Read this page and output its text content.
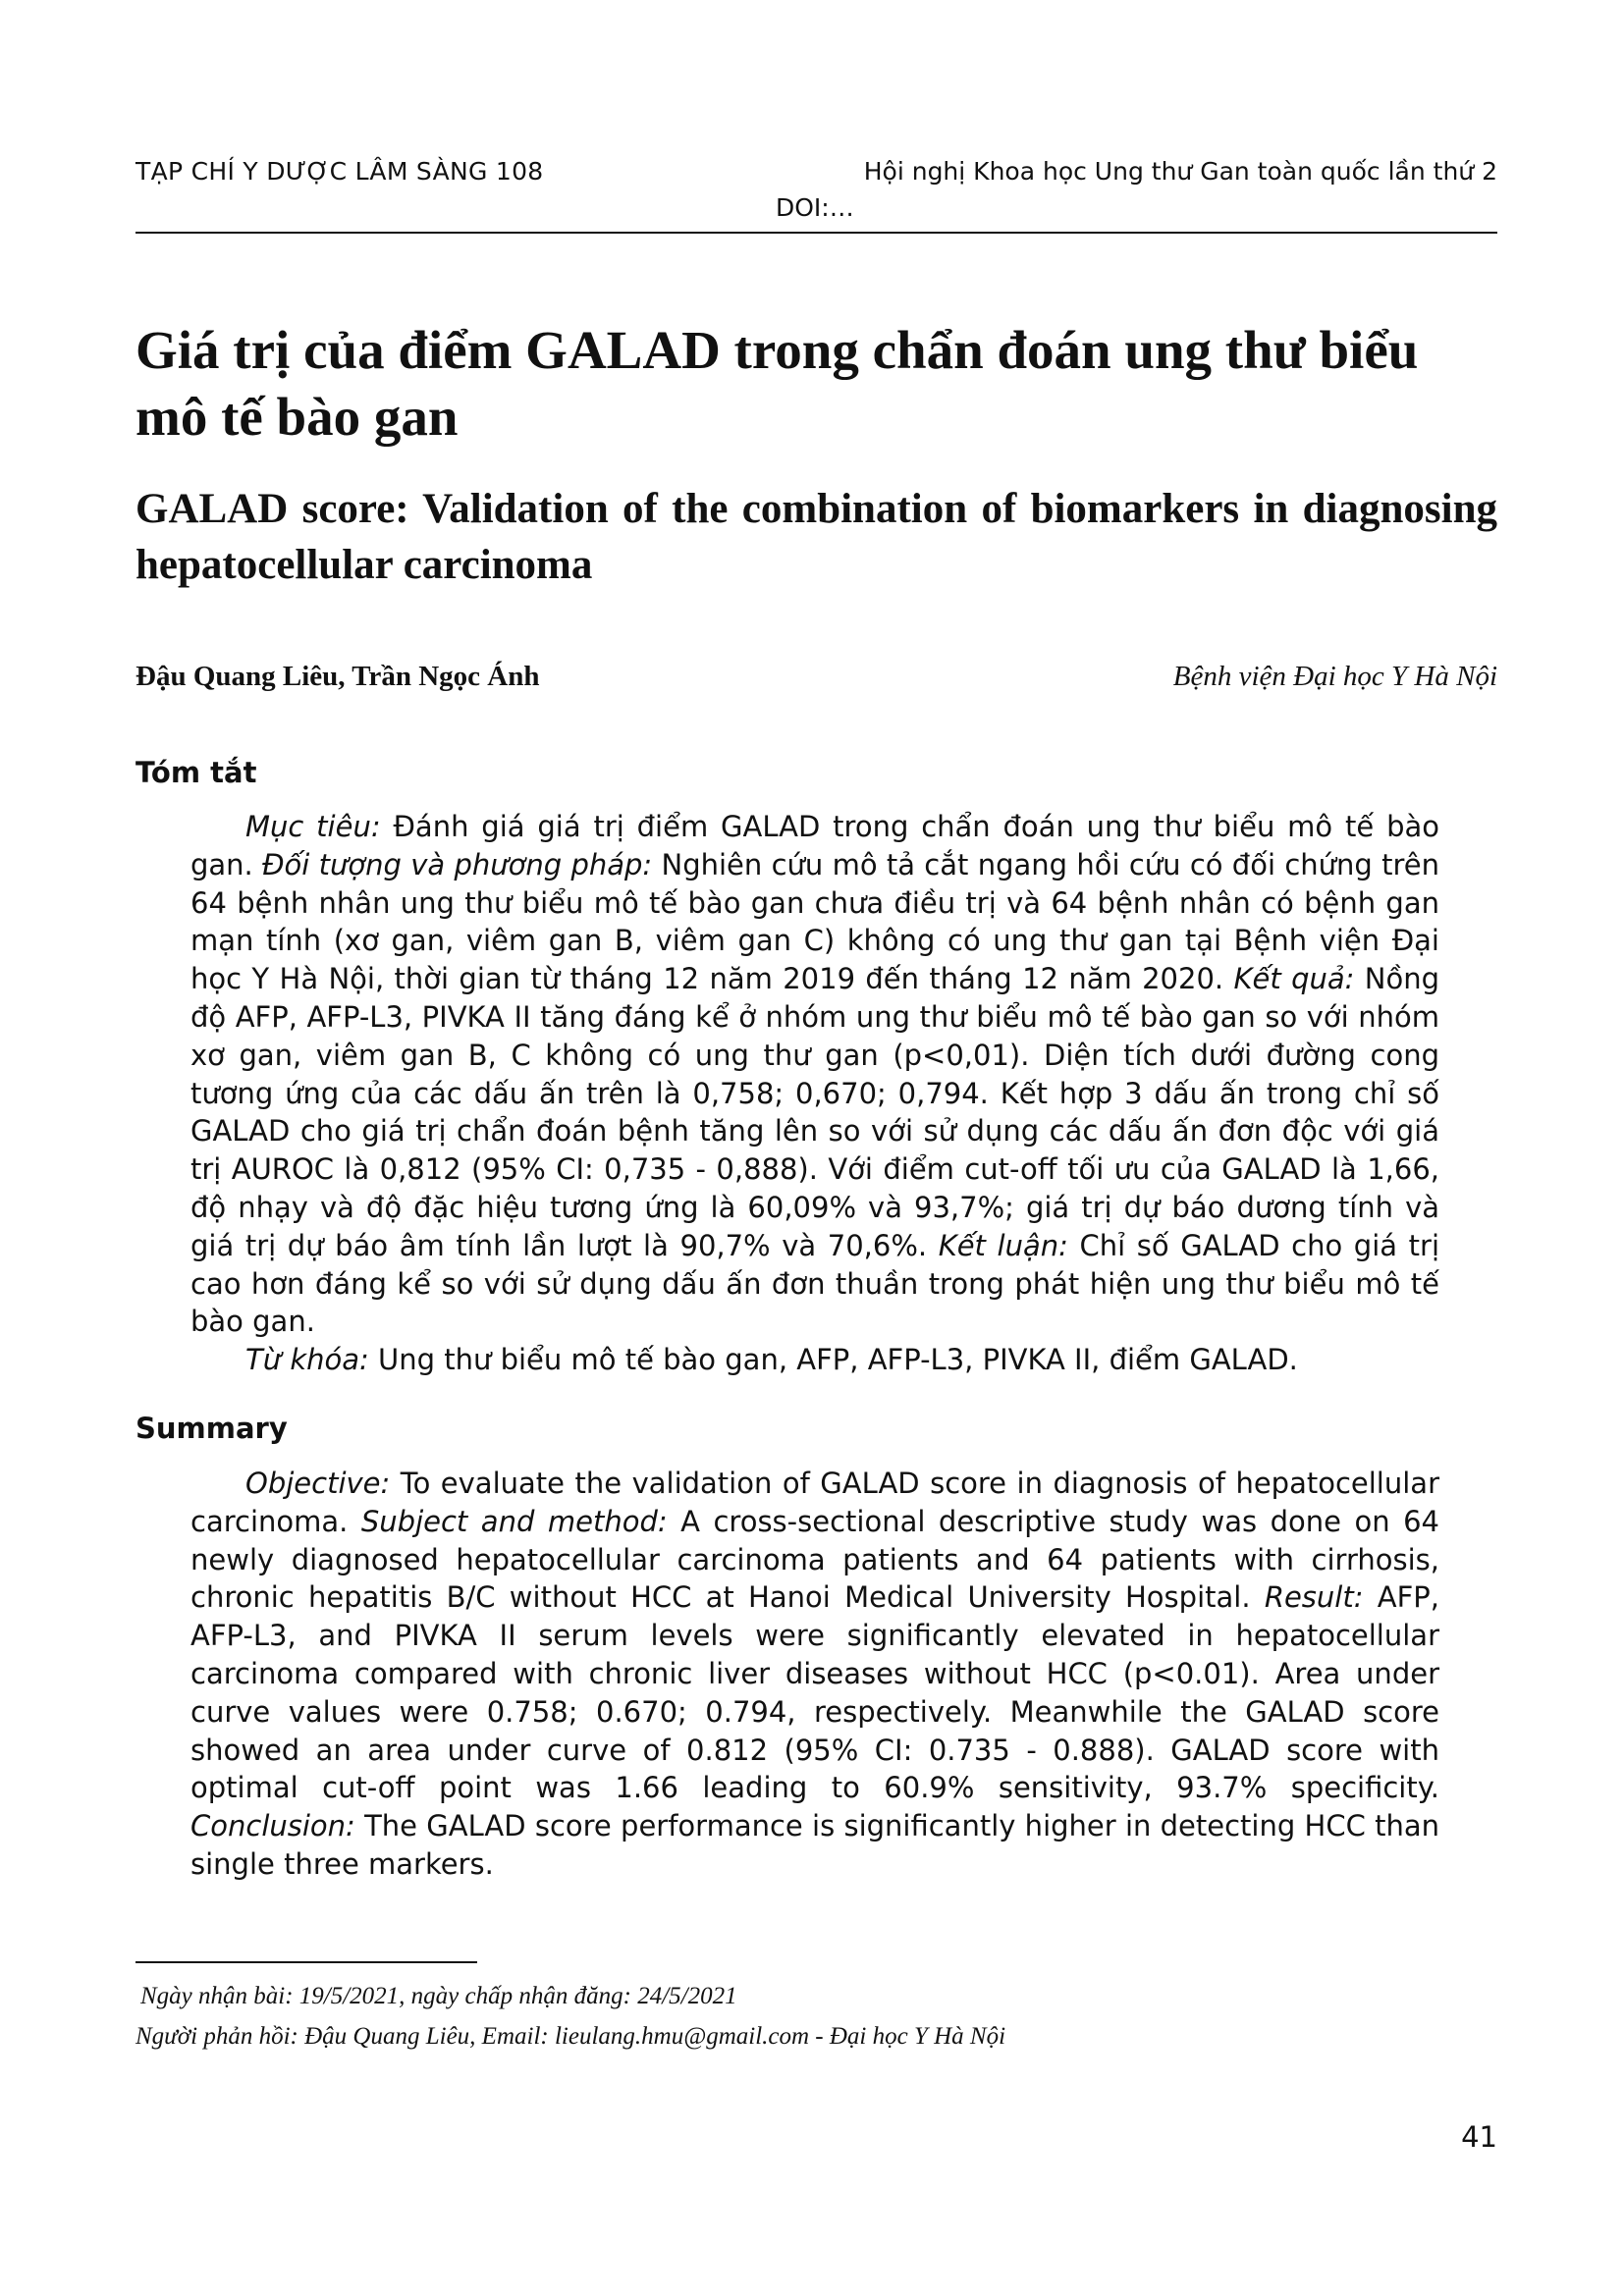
TẠP CHÍ Y DƯỢC LÂM SÀNG 108	Hội nghị Khoa học Ung thư Gan toàn quốc lần thứ 2
DOI:…
Giá trị của điểm GALAD trong chẩn đoán ung thư biểu mô tế bào gan
GALAD score: Validation of the combination of biomarkers in diagnosing hepatocellular carcinoma
Đậu Quang Liêu, Trần Ngọc Ánh	Bệnh viện Đại học Y Hà Nội
Tóm tắt

Mục tiêu: Đánh giá giá trị điểm GALAD trong chẩn đoán ung thư biểu mô tế bào gan. Đối tượng và phương pháp: Nghiên cứu mô tả cắt ngang hồi cứu có đối chứng trên 64 bệnh nhân ung thư biểu mô tế bào gan chưa điều trị và 64 bệnh nhân có bệnh gan mạn tính (xơ gan, viêm gan B, viêm gan C) không có ung thư gan tại Bệnh viện Đại học Y Hà Nội, thời gian từ tháng 12 năm 2019 đến tháng 12 năm 2020. Kết quả: Nồng độ AFP, AFP-L3, PIVKA II tăng đáng kể ở nhóm ung thư biểu mô tế bào gan so với nhóm xơ gan, viêm gan B, C không có ung thư gan (p<0,01). Diện tích dưới đường cong tương ứng của các dấu ấn trên là 0,758; 0,670; 0,794. Kết hợp 3 dấu ấn trong chỉ số GALAD cho giá trị chẩn đoán bệnh tăng lên so với sử dụng các dấu ấn đơn độc với giá trị AUROC là 0,812 (95% CI: 0,735 - 0,888). Với điểm cut-off tối ưu của GALAD là 1,66, độ nhạy và độ đặc hiệu tương ứng là 60,09% và 93,7%; giá trị dự báo dương tính và giá trị dự báo âm tính lần lượt là 90,7% và 70,6%. Kết luận: Chỉ số GALAD cho giá trị cao hơn đáng kể so với sử dụng dấu ấn đơn thuần trong phát hiện ung thư biểu mô tế bào gan.

Từ khóa: Ung thư biểu mô tế bào gan, AFP, AFP-L3, PIVKA II, điểm GALAD.

Summary

Objective: To evaluate the validation of GALAD score in diagnosis of hepatocellular carcinoma. Subject and method: A cross-sectional descriptive study was done on 64 newly diagnosed hepatocellular carcinoma patients and 64 patients with cirrhosis, chronic hepatitis B/C without HCC at Hanoi Medical University Hospital. Result: AFP, AFP-L3, and PIVKA II serum levels were significantly elevated in hepatocellular carcinoma compared with chronic liver diseases without HCC (p<0.01). Area under curve values were 0.758; 0.670; 0.794, respectively. Meanwhile the GALAD score showed an area under curve of 0.812 (95% CI: 0.735 - 0.888). GALAD score with optimal cut-off point was 1.66 leading to 60.9% sensitivity, 93.7% specificity. Conclusion: The GALAD score performance is significantly higher in detecting HCC than single three markers.

Ngày nhận bài: 19/5/2021, ngày chấp nhận đăng: 24/5/2021
Người phản hồi: Đậu Quang Liêu, Email: lieulang.hmu@gmail.com - Đại học Y Hà Nội
41
